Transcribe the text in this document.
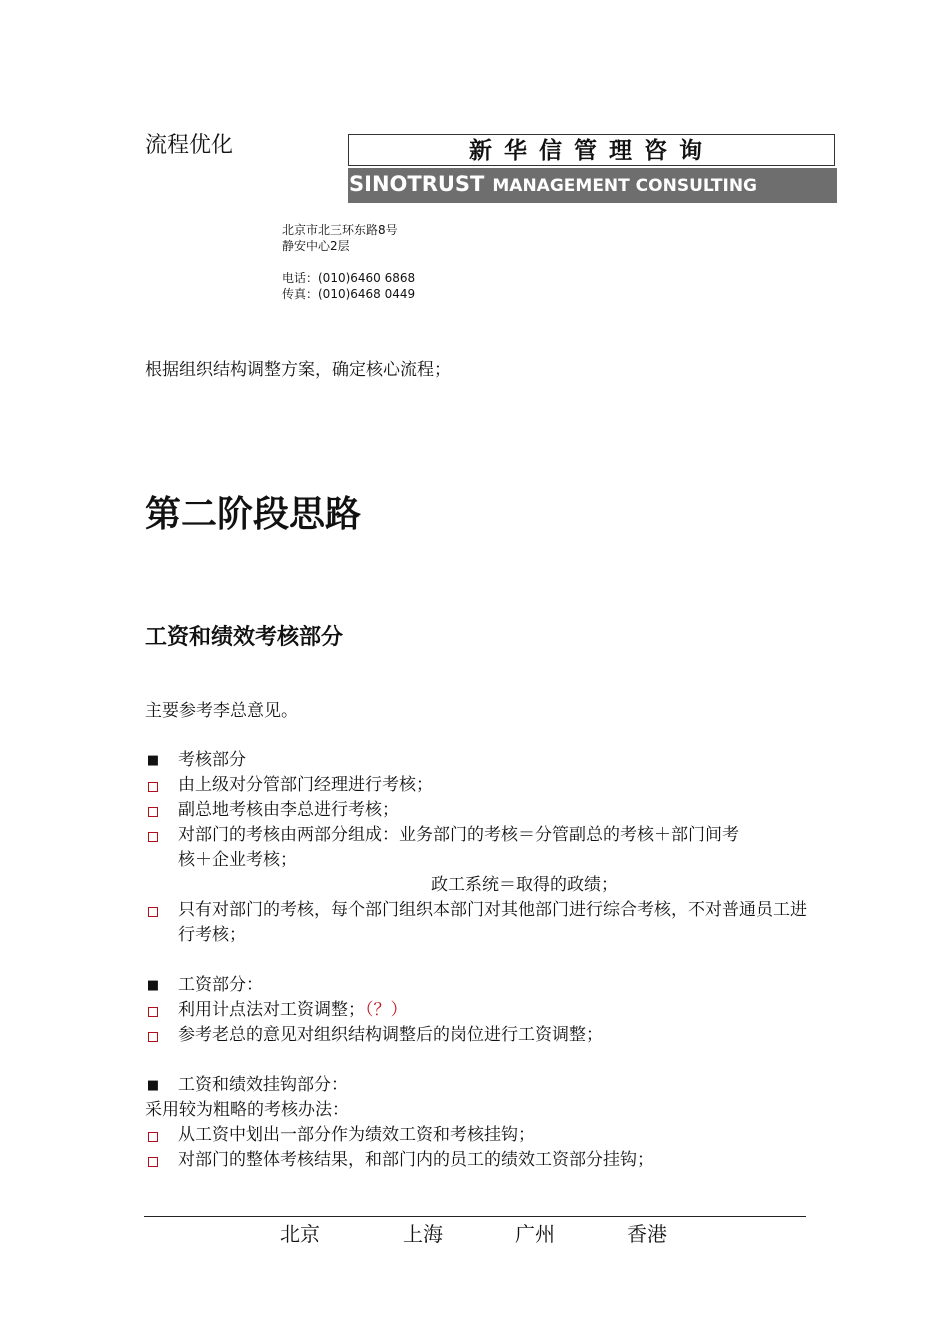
流程优化	新华信管理咨询
SINOTRUST MANAGEMENT CONSULTING
北京市北三环东路8号
静安中心2层
电话：(010)6460 6868
传真：(010)6468 0449
根据组织结构调整方案，确定核心流程；
第二阶段思路
工资和绩效考核部分
主要参考李总意见。
■ 考核部分
由上级对分管部门经理进行考核；
副总地考核由李总进行考核；
对部门的考核由两部分组成：业务部门的考核＝分管副总的考核＋部门间考　　　　核＋企业考核；
政工系统＝取得的政绩；
只有对部门的考核，每个部门组织本部门对其他部门进行综合考核，不对普通员工进行考核；
■ 工资部分：
利用计点法对工资调整；（？）
参考老总的意见对组织结构调整后的岗位进行工资调整；
■ 工资和绩效挂钩部分：
采用较为粗略的考核办法：
从工资中划出一部分作为绩效工资和考核挂钩；
对部门的整体考核结果，和部门内的员工的绩效工资部分挂钩；
北京	上海	广州	香港
